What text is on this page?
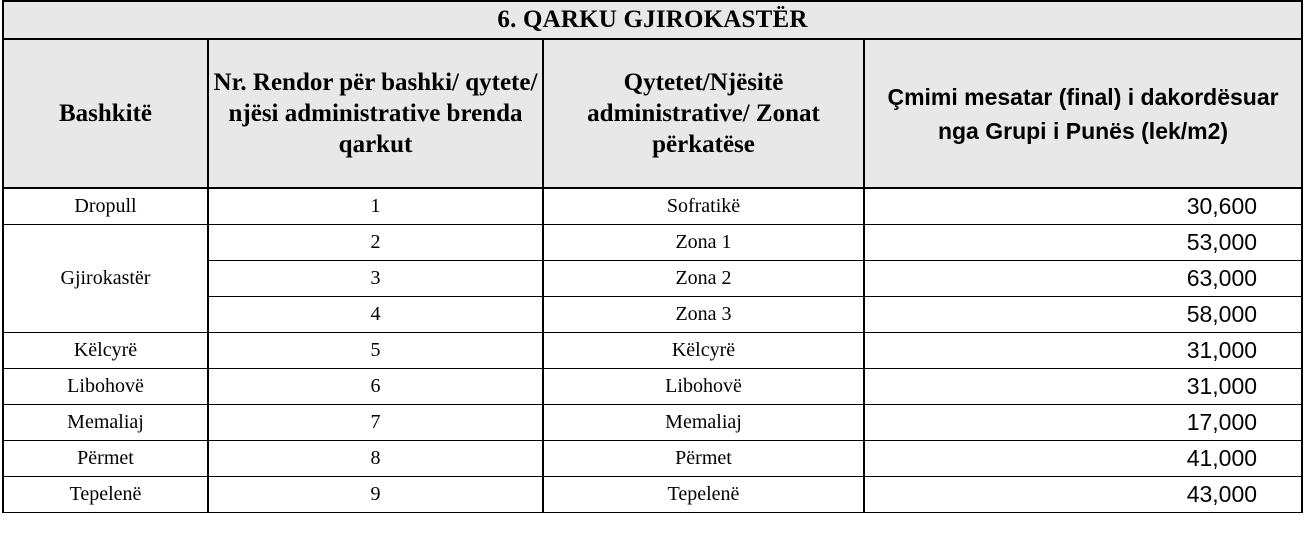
6. QARKU GJIROKASTËR			
Bashkitë	Nr. Rendor për bashki/ qytete/ njësi administrative brenda qarkut	Qytetet/Njësitë administrative/ Zonat përkatëse	Çmimi mesatar (final) i dakordësuar nga Grupi i Punës (lek/m2)
Dropull	1	Sofratikë	30,600
Gjirokastër	2	Zona 1	53,000
	3	Zona 2	63,000
	4	Zona 3	58,000
Këlcyrë	5	Këlcyrë	31,000
Libohovë	6	Libohovë	31,000
Memaliaj	7	Memaliaj	17,000
Përmet	8	Përmet	41,000
Tepelenë	9	Tepelenë	43,000
